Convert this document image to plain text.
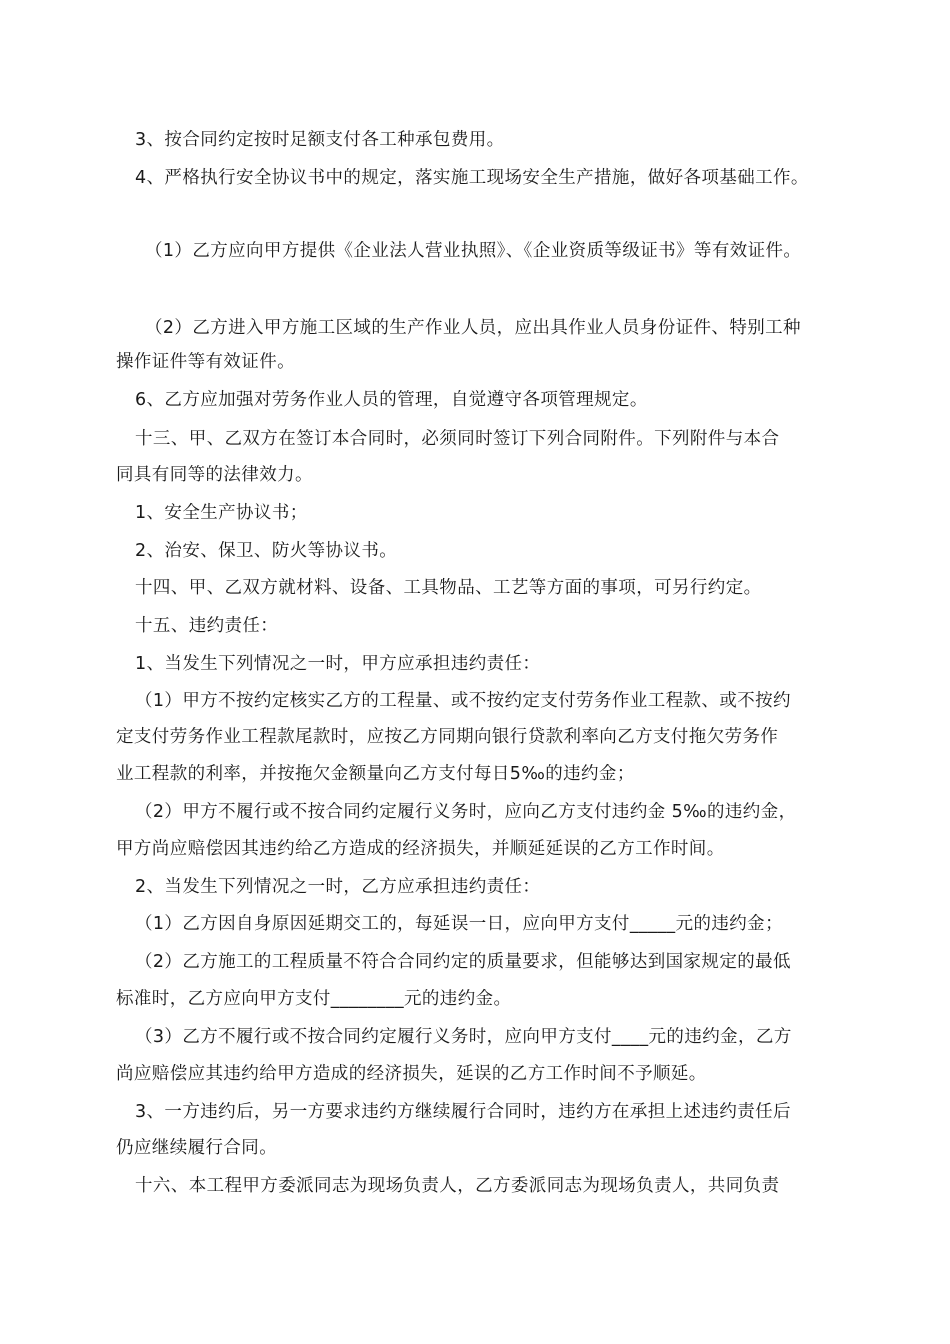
3、按合同约定按时足额支付各工种承包费用。
4、严格执行安全协议书中的规定，落实施工现场安全生产措施，做好各项基础工作。
（1）乙方应向甲方提供《企业法人营业执照》、《企业资质等级证书》等有效证件。
（2）乙方进入甲方施工区域的生产作业人员，应出具作业人员身份证件、特别工种
操作证件等有效证件。
6、乙方应加强对劳务作业人员的管理，自觉遵守各项管理规定。
十三、甲、乙双方在签订本合同时，必须同时签订下列合同附件。下列附件与本合
同具有同等的法律效力。
1、安全生产协议书；
2、治安、保卫、防火等协议书。
十四、甲、乙双方就材料、设备、工具物品、工艺等方面的事项，可另行约定。
十五、违约责任：
1、当发生下列情况之一时，甲方应承担违约责任：
（1）甲方不按约定核实乙方的工程量、或不按约定支付劳务作业工程款、或不按约
定支付劳务作业工程款尾款时，应按乙方同期向银行贷款利率向乙方支付拖欠劳务作
业工程款的利率，并按拖欠金额量向乙方支付每日5‰的违约金；
（2）甲方不履行或不按合同约定履行义务时，应向乙方支付违约金 5‰的违约金，
甲方尚应赔偿因其违约给乙方造成的经济损失，并顺延延误的乙方工作时间。
2、当发生下列情况之一时，乙方应承担违约责任：
（1）乙方因自身原因延期交工的，每延误一日，应向甲方支付_____元的违约金；
（2）乙方施工的工程质量不符合合同约定的质量要求，但能够达到国家规定的最低
标准时，乙方应向甲方支付________元的违约金。
（3）乙方不履行或不按合同约定履行义务时，应向甲方支付____元的违约金，乙方
尚应赔偿应其违约给甲方造成的经济损失，延误的乙方工作时间不予顺延。
3、一方违约后，另一方要求违约方继续履行合同时，违约方在承担上述违约责任后
仍应继续履行合同。
十六、本工程甲方委派同志为现场负责人，乙方委派同志为现场负责人，共同负责
